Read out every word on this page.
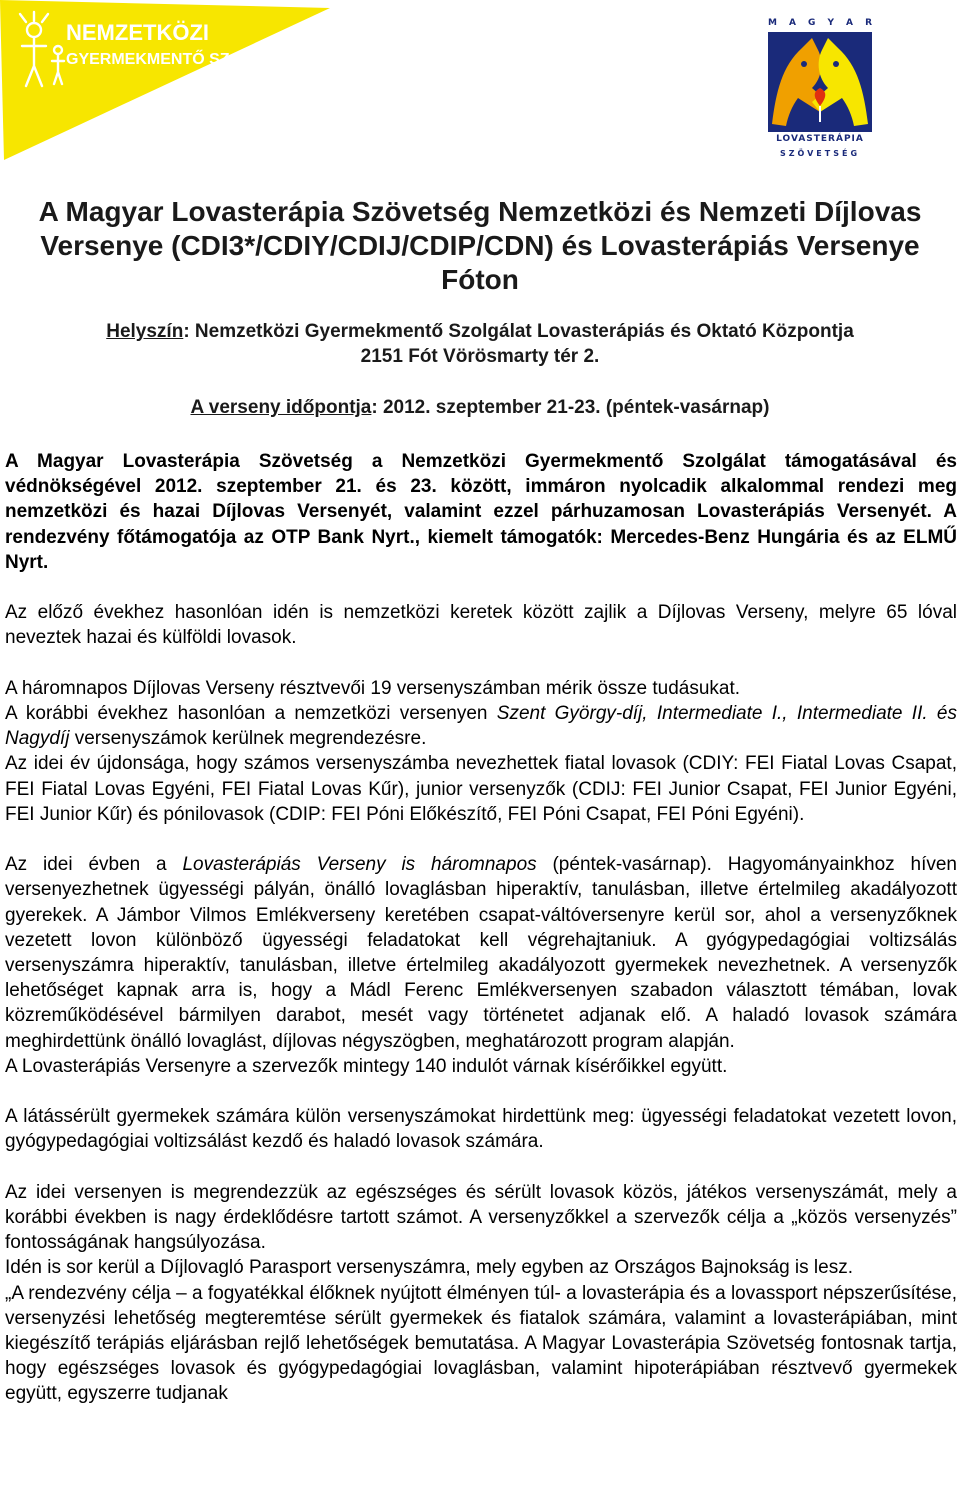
NEMZETKÖZI
GYERMEKMENTŐ SZOLGÁLAT
M A G Y A R
LOVASTERÁPIA
SZÖVETSÉG
A Magyar Lovasterápia Szövetség Nemzetközi és Nemzeti Díjlovas
Versenye (CDI3*/CDIY/CDIJ/CDIP/CDN) és Lovasterápiás Versenye
Fóton
Helyszín: Nemzetközi Gyermekmentő Szolgálat Lovasterápiás és Oktató Központja
2151 Fót Vörösmarty tér 2.
A verseny időpontja: 2012. szeptember 21-23. (péntek-vasárnap)

A Magyar Lovasterápia Szövetség a Nemzetközi Gyermekmentő Szolgálat támogatásával és védnökségével 2012. szeptember 21. és 23. között, immáron nyolcadik alkalommal rendezi meg nemzetközi és hazai Díjlovas Versenyét, valamint ezzel párhuzamosan Lovasterápiás Versenyét. A rendezvény főtámogatója az OTP Bank Nyrt., kiemelt támogatók: Mercedes-Benz Hungária és az ELMŰ Nyrt.

Az előző évekhez hasonlóan idén is nemzetközi keretek között zajlik a Díjlovas Verseny, melyre 65 lóval neveztek hazai és külföldi lovasok.

A háromnapos Díjlovas Verseny résztvevői 19 versenyszámban mérik össze tudásukat.

A korábbi évekhez hasonlóan a nemzetközi versenyen Szent György-díj, Intermediate I., Intermediate II. és Nagydíj versenyszámok kerülnek megrendezésre.

Az idei év újdonsága, hogy számos versenyszámba nevezhettek fiatal lovasok (CDIY: FEI Fiatal Lovas Csapat, FEI Fiatal Lovas Egyéni, FEI Fiatal Lovas Kűr), junior versenyzők (CDIJ: FEI Junior Csapat, FEI Junior Egyéni, FEI Junior Kűr) és pónilovasok (CDIP: FEI Póni Előkészítő, FEI Póni Csapat, FEI Póni Egyéni).

Az idei évben a Lovasterápiás Verseny is háromnapos (péntek-vasárnap). Hagyományainkhoz híven versenyezhetnek ügyességi pályán, önálló lovaglásban hiperaktív, tanulásban, illetve értelmileg akadályozott gyerekek. A Jámbor Vilmos Emlékverseny keretében csapat-váltóversenyre kerül sor, ahol a versenyzőknek vezetett lovon különböző ügyességi feladatokat kell végrehajtaniuk. A gyógypedagógiai voltizsálás versenyszámra hiperaktív, tanulásban, illetve értelmileg akadályozott gyermekek nevezhetnek. A versenyzők lehetőséget kapnak arra is, hogy a Mádl Ferenc Emlékversenyen szabadon választott témában, lovak közreműködésével bármilyen darabot, mesét vagy történetet adjanak elő. A haladó lovasok számára meghirdettünk önálló lovaglást, díjlovas négyszögben, meghatározott program alapján.

A Lovasterápiás Versenyre a szervezők mintegy 140 indulót várnak kísérőikkel együtt.

A látássérült gyermekek számára külön versenyszámokat hirdettünk meg: ügyességi feladatokat vezetett lovon, gyógypedagógiai voltizsálást kezdő és haladó lovasok számára.

Az idei versenyen is megrendezzük az egészséges és sérült lovasok közös, játékos versenyszámát, mely a korábbi években is nagy érdeklődésre tartott számot. A versenyzőkkel a szervezők célja a „közös versenyzés” fontosságának hangsúlyozása.

Idén is sor kerül a Díjlovagló Parasport versenyszámra, mely egyben az Országos Bajnokság is lesz.

„A rendezvény célja – a fogyatékkal élőknek nyújtott élményen túl- a lovasterápia és a lovassport népszerűsítése, versenyzési lehetőség megteremtése sérült gyermekek és fiatalok számára, valamint a lovasterápiában, mint kiegészítő terápiás eljárásban rejlő lehetőségek bemutatása. A Magyar Lovasterápia Szövetség fontosnak tartja, hogy egészséges lovasok és gyógypedagógiai lovaglásban, valamint hipoterápiában résztvevő gyermekek együtt, egyszerre tudjanak
